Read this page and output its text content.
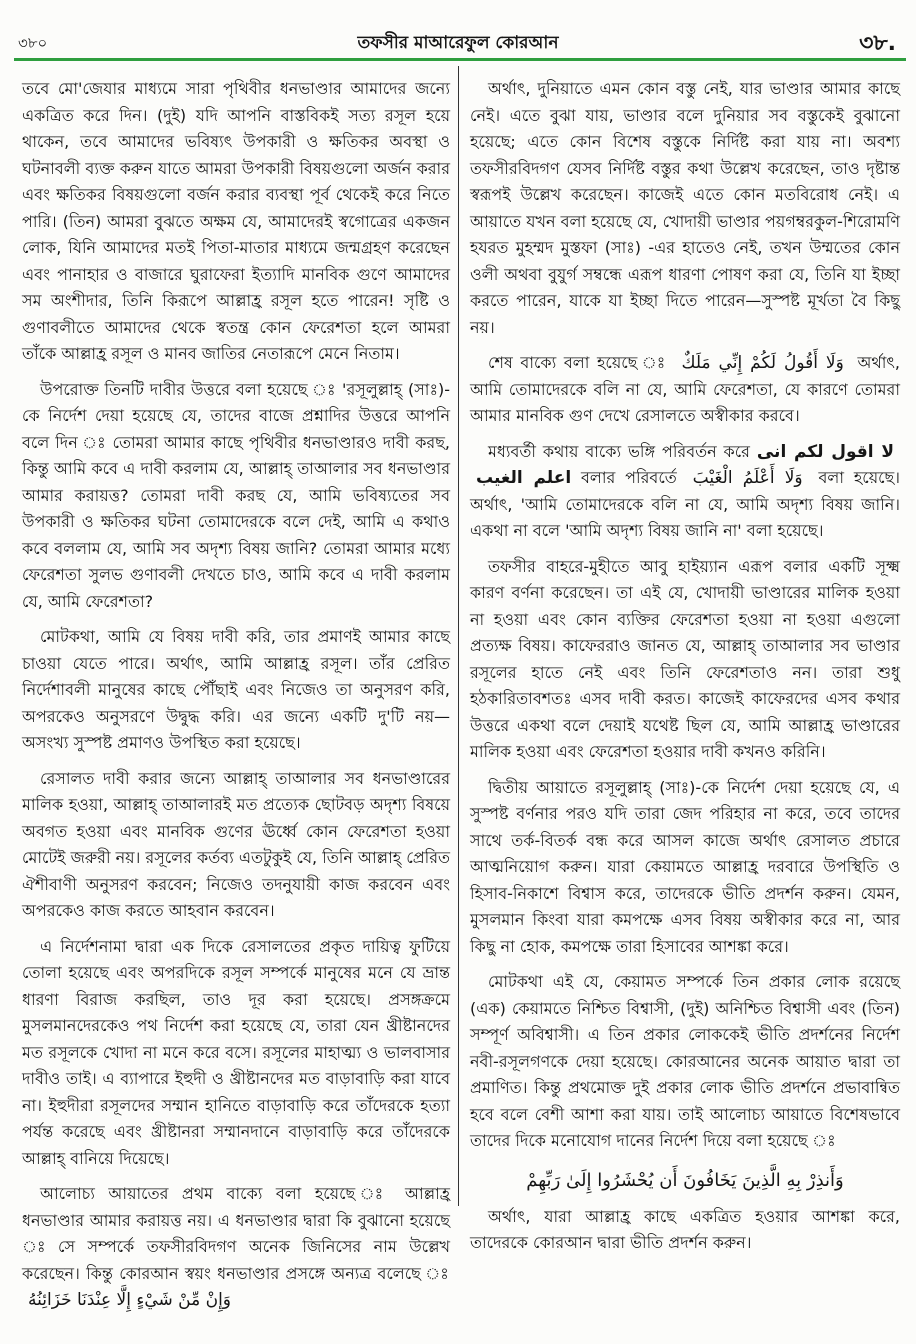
৩৮০	তফসীর মাআরেফুল কোরআন	৩৮.

তবে মো'জেযার মাধ্যমে সারা পৃথিবীর ধনভাণ্ডার আমাদের জন্যে একত্রিত করে দিন। (দুই) যদি আপনি বাস্তবিকই সত্য রসূল হয়ে থাকেন, তবে আমাদের ভবিষ্যৎ উপকারী ও ক্ষতিকর অবস্থা ও ঘটনাবলী ব্যক্ত করুন যাতে আমরা উপকারী বিষয়গুলো অর্জন করার এবং ক্ষতিকর বিষয়গুলো বর্জন করার ব্যবস্থা পূর্ব থেকেই করে নিতে পারি। (তিন) আমরা বুঝতে অক্ষম যে, আমাদেরই স্বগোত্রের একজন লোক, যিনি আমাদের মতই পিতা-মাতার মাধ্যমে জন্মগ্রহণ করেছেন এবং পানাহার ও বাজারে ঘুরাফেরা ইত্যাদি মানবিক গুণে আমাদের সম অংশীদার, তিনি কিরূপে আল্লাহ্র রসূল হতে পারেন! সৃষ্টি ও গুণাবলীতে আমাদের থেকে স্বতন্ত্র কোন ফেরেশতা হলে আমরা তাঁকে আল্লাহ্র রসূল ও মানব জাতির নেতারূপে মেনে নিতাম।

উপরোক্ত তিনটি দাবীর উত্তরে বলা হয়েছে ঃ 'রসূলুল্লাহ্ (সাঃ)-কে নির্দেশ দেয়া হয়েছে যে, তাদের বাজে প্রশ্নাদির উত্তরে আপনি বলে দিন ঃ তোমরা আমার কাছে পৃথিবীর ধনভাণ্ডারও দাবী করছ, কিন্তু আমি কবে এ দাবী করলাম যে, আল্লাহ্ তাআলার সব ধনভাণ্ডার আমার করায়ত্ত? তোমরা দাবী করছ যে, আমি ভবিষ্যতের সব উপকারী ও ক্ষতিকর ঘটনা তোমাদেরকে বলে দেই, আমি এ কথাও কবে বললাম যে, আমি সব অদৃশ্য বিষয় জানি? তোমরা আমার মধ্যে ফেরেশতা সুলভ গুণাবলী দেখতে চাও, আমি কবে এ দাবী করলাম যে, আমি ফেরেশতা?

মোটকথা, আমি যে বিষয় দাবী করি, তার প্রমাণই আমার কাছে চাওয়া যেতে পারে। অর্থাৎ, আমি আল্লাহ্র রসূল। তাঁর প্রেরিত নির্দেশাবলী মানুষের কাছে পৌঁছাই এবং নিজেও তা অনুসরণ করি, অপরকেও অনুসরণে উদ্বুদ্ধ করি। এর জন্যে একটি দু'টি নয়— অসংখ্য সুস্পষ্ট প্রমাণও উপস্থিত করা হয়েছে।

রেসালত দাবী করার জন্যে আল্লাহ্ তাআলার সব ধনভাণ্ডারের মালিক হওয়া, আল্লাহ্ তাআলারই মত প্রত্যেক ছোটবড় অদৃশ্য বিষয়ে অবগত হওয়া এবং মানবিক গুণের ঊর্ধ্বে কোন ফেরেশতা হওয়া মোটেই জরুরী নয়। রসূলের কর্তব্য এতটুকুই যে, তিনি আল্লাহ্ প্রেরিত ঐশীবাণী অনুসরণ করবেন; নিজেও তদনুযায়ী কাজ করবেন এবং অপরকেও কাজ করতে আহবান করবেন।

এ নির্দেশনামা দ্বারা এক দিকে রেসালতের প্রকৃত দায়িত্ব ফুটিয়ে তোলা হয়েছে এবং অপরদিকে রসূল সম্পর্কে মানুষের মনে যে ভ্রান্ত ধারণা বিরাজ করছিল, তাও দূর করা হয়েছে। প্রসঙ্গক্রমে মুসলমানদেরকেও পথ নির্দেশ করা হয়েছে যে, তারা যেন খ্রীষ্টানদের মত রসূলকে খোদা না মনে করে বসে। রসূলের মাহাত্ম্য ও ভালবাসার দাবীও তাই। এ ব্যাপারে ইহুদী ও খ্রীষ্টানদের মত বাড়াবাড়ি করা যাবে না। ইহুদীরা রসূলদের সম্মান হানিতে বাড়াবাড়ি করে তাঁদেরকে হত্যা পর্যন্ত করেছে এবং খ্রীষ্টানরা সম্মানদানে বাড়াবাড়ি করে তাঁদেরকে আল্লাহ্ বানিয়ে দিয়েছে।

আলোচ্য আয়াতের প্রথম বাক্যে বলা হয়েছে ঃ আল্লাহ্র ধনভাণ্ডার আমার করায়ত্ত নয়। এ ধনভাণ্ডার দ্বারা কি বুঝানো হয়েছে ঃ সে সম্পর্কে তফসীরবিদগণ অনেক জিনিসের নাম উল্লেখ করেছেন। কিন্তু কোরআন স্বয়ং ধনভাণ্ডার প্রসঙ্গে অন্যত্র বলেছে ঃ وَإِنْ مِّنْ شَيْءٍ إِلَّا عِنْدَنَا خَزَائِنُهُ

অর্থাৎ, দুনিয়াতে এমন কোন বস্তু নেই, যার ভাণ্ডার আমার কাছে নেই। এতে বুঝা যায়, ভাণ্ডার বলে দুনিয়ার সব বস্তুকেই বুঝানো হয়েছে; এতে কোন বিশেষ বস্তুকে নির্দিষ্ট করা যায় না। অবশ্য তফসীরবিদগণ যেসব নির্দিষ্ট বস্তুর কথা উল্লেখ করেছেন, তাও দৃষ্টান্ত স্বরূপই উল্লেখ করেছেন। কাজেই এতে কোন মতবিরোধ নেই। এ আয়াতে যখন বলা হয়েছে যে, খোদায়ী ভাণ্ডার পয়গম্বরকুল-শিরোমণি হযরত মুহম্মদ মুস্তফা (সাঃ) -এর হাতেও নেই, তখন উম্মতের কোন ওলী অথবা বুযুর্গ সম্বন্ধে এরূপ ধারণা পোষণ করা যে, তিনি যা ইচ্ছা করতে পারেন, যাকে যা ইচ্ছা দিতে পারেন—সুস্পষ্ট মূর্খতা বৈ কিছু নয়।

শেষ বাক্যে বলা হয়েছে ঃ وَلَا أَقُولُ لَكُمْ إِنِّي مَلَكٌ অর্থাৎ, আমি তোমাদেরকে বলি না যে, আমি ফেরেশতা, যে কারণে তোমরা আমার মানবিক গুণ দেখে রেসালতে অস্বীকার করবে।

মধ্যবর্তী কথায় বাক্যে ভঙ্গি পরিবর্তন করে لا اقول لكم انى اعلم الغيب বলার পরিবর্তে وَلَا أَعْلَمُ الْغَيْبَ বলা হয়েছে। অর্থাৎ, 'আমি তোমাদেরকে বলি না যে, আমি অদৃশ্য বিষয় জানি। একথা না বলে 'আমি অদৃশ্য বিষয় জানি না' বলা হয়েছে।

তফসীর বাহরে-মুহীতে আবু হাইয়্যান এরূপ বলার একটি সূক্ষ্ম কারণ বর্ণনা করেছেন। তা এই যে, খোদায়ী ভাণ্ডারের মালিক হওয়া না হওয়া এবং কোন ব্যক্তির ফেরেশতা হওয়া না হওয়া এগুলো প্রত্যক্ষ বিষয়। কাফেররাও জানত যে, আল্লাহ্ তাআলার সব ভাণ্ডার রসূলের হাতে নেই এবং তিনি ফেরেশতাও নন। তারা শুধু হঠকারিতাবশতঃ এসব দাবী করত। কাজেই কাফেরদের এসব কথার উত্তরে একথা বলে দেয়াই যথেষ্ট ছিল যে, আমি আল্লাহ্র ভাণ্ডারের মালিক হওয়া এবং ফেরেশতা হওয়ার দাবী কখনও করিনি।

দ্বিতীয় আয়াতে রসূলুল্লাহ্ (সাঃ)-কে নির্দেশ দেয়া হয়েছে যে, এ সুস্পষ্ট বর্ণনার পরও যদি তারা জেদ পরিহার না করে, তবে তাদের সাথে তর্ক-বিতর্ক বন্ধ করে আসল কাজে অর্থাৎ রেসালত প্রচারে আত্মনিয়োগ করুন। যারা কেয়ামতে আল্লাহ্র দরবারে উপস্থিতি ও হিসাব-নিকাশে বিশ্বাস করে, তাদেরকে ভীতি প্রদর্শন করুন। যেমন, মুসলমান কিংবা যারা কমপক্ষে এসব বিষয় অস্বীকার করে না, আর কিছু না হোক, কমপক্ষে তারা হিসাবের আশঙ্কা করে।

মোটকথা এই যে, কেয়ামত সম্পর্কে তিন প্রকার লোক রয়েছে (এক) কেয়ামতে নিশ্চিত বিশ্বাসী, (দুই) অনিশ্চিত বিশ্বাসী এবং (তিন) সম্পূর্ণ অবিশ্বাসী। এ তিন প্রকার লোককেই ভীতি প্রদর্শনের নির্দেশ নবী-রসূলগণকে দেয়া হয়েছে। কোরআনের অনেক আয়াত দ্বারা তা প্রমাণিত। কিন্তু প্রথমোক্ত দুই প্রকার লোক ভীতি প্রদর্শনে প্রভাবান্বিত হবে বলে বেশী আশা করা যায়। তাই আলোচ্য আয়াতে বিশেষভাবে তাদের দিকে মনোযোগ দানের নির্দেশ দিয়ে বলা হয়েছে ঃ

وَأَنذِرْ بِهِ الَّذِينَ يَخَافُونَ أَن يُحْشَرُوا إِلَىٰ رَبِّهِمْ

অর্থাৎ, যারা আল্লাহ্র কাছে একত্রিত হওয়ার আশঙ্কা করে, তাদেরকে কোরআন দ্বারা ভীতি প্রদর্শন করুন।
